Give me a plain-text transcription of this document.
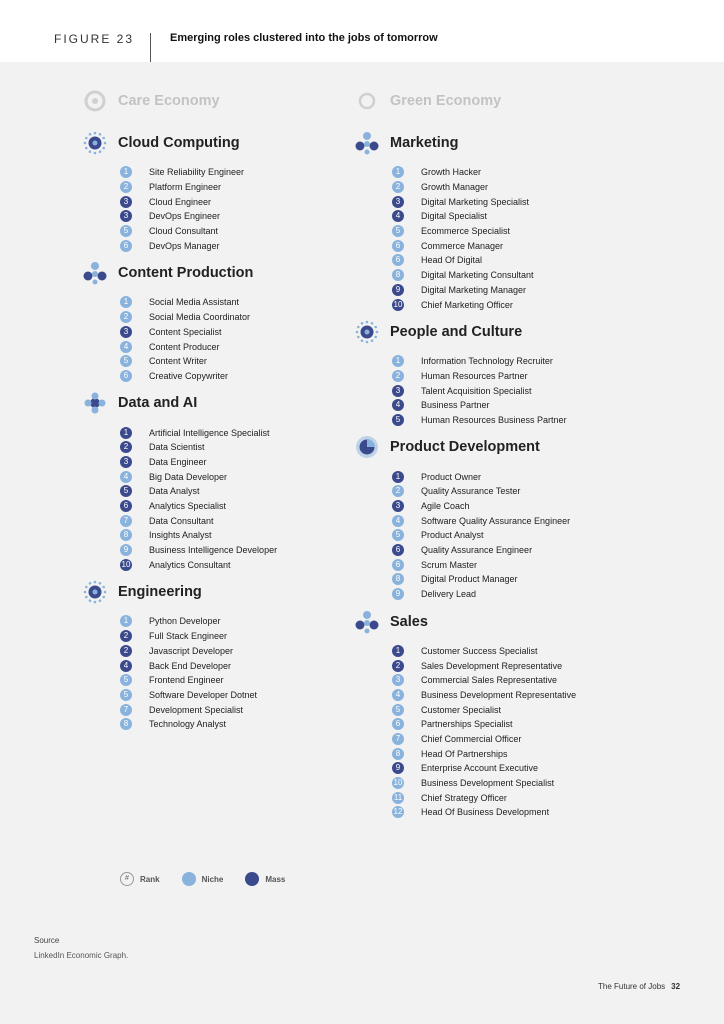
FIGURE 23	Emerging roles clustered into the jobs of tomorrow
Care Economy
Cloud Computing
1	Site Reliability Engineer
2	Platform Engineer
3	Cloud Engineer
3	DevOps Engineer
5	Cloud Consultant
6	DevOps Manager
Content Production
1	Social Media Assistant
2	Social Media Coordinator
3	Content Specialist
4	Content Producer
5	Content Writer
6	Creative Copywriter
Data and AI
1	Artificial Intelligence Specialist
2	Data Scientist
3	Data Engineer
4	Big Data Developer
5	Data Analyst
6	Analytics Specialist
7	Data Consultant
8	Insights Analyst
9	Business Intelligence Developer
10 Analytics Consultant
Engineering
1	Python Developer
2	Full Stack Engineer
2	Javascript Developer
4	Back End Developer
5	Frontend Engineer
5	Software Developer Dotnet
7	Development Specialist
8	Technology Analyst
Green Economy
Marketing
1	Growth Hacker
2	Growth Manager
3	Digital Marketing Specialist
4	Digital Specialist
5	Ecommerce Specialist
6	Commerce Manager
6	Head Of Digital
8	Digital Marketing Consultant
9	Digital Marketing Manager
10 Chief Marketing Officer
People and Culture
1	Information Technology Recruiter
2	Human Resources Partner
3	Talent Acquisition Specialist
4	Business Partner
5	Human Resources Business Partner
Product Development
1	Product Owner
2	Quality Assurance Tester
3	Agile Coach
4	Software Quality Assurance Engineer
5	Product Analyst
6	Quality Assurance Engineer
6	Scrum Master
8	Digital Product Manager
9	Delivery Lead
Sales
1	Customer Success Specialist
2	Sales Development Representative
3	Commercial Sales Representative
4	Business Development Representative
5	Customer Specialist
6	Partnerships Specialist
7	Chief Commercial Officer
8	Head Of Partnerships
9	Enterprise Account Executive
10 Business Development Specialist
11 Chief Strategy Officer
12 Head Of Business Development
#	Rank	Niche	Mass
Source
LinkedIn Economic Graph.
The Future of Jobs 32
